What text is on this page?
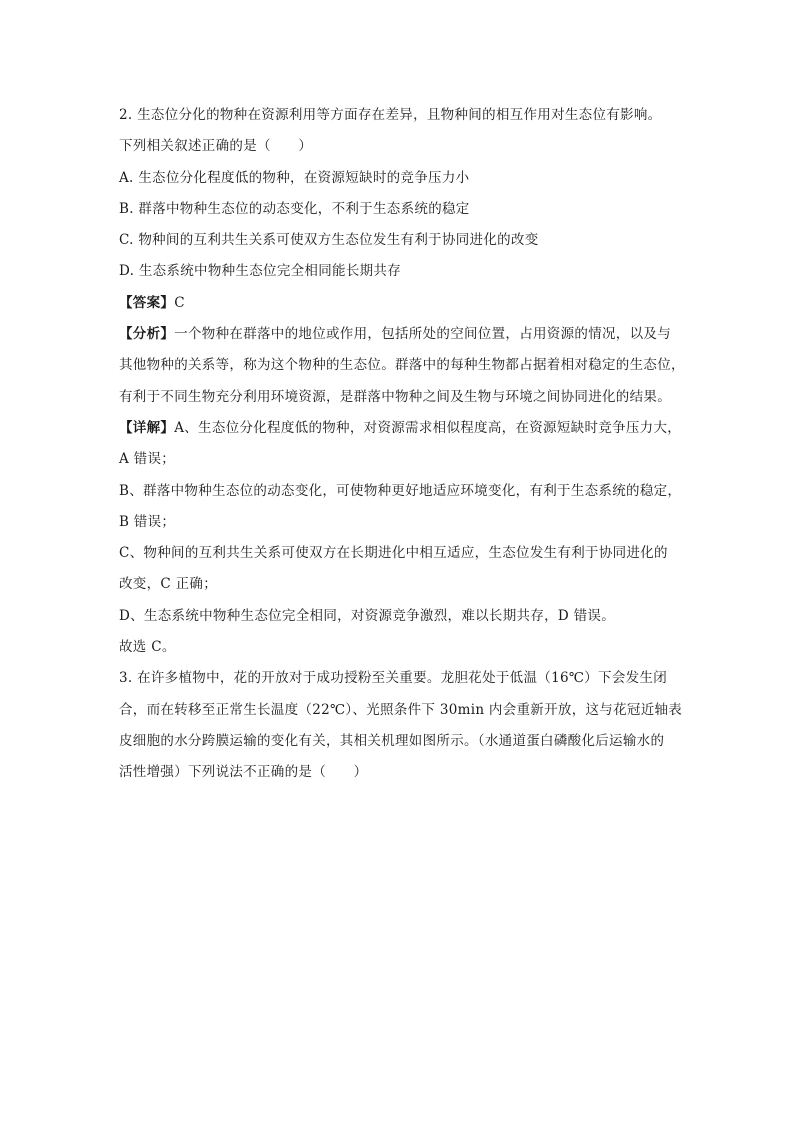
2. 生态位分化的物种在资源利用等方面存在差异，且物种间的相互作用对生态位有影响。
下列相关叙述正确的是（　　）
A. 生态位分化程度低的物种，在资源短缺时的竞争压力小
B. 群落中物种生态位的动态变化，不利于生态系统的稳定
C. 物种间的互利共生关系可使双方生态位发生有利于协同进化的改变
D. 生态系统中物种生态位完全相同能长期共存
【答案】C
【分析】一个物种在群落中的地位或作用，包括所处的空间位置，占用资源的情况，以及与
其他物种的关系等，称为这个物种的生态位。群落中的每种生物都占据着相对稳定的生态位，
有利于不同生物充分利用环境资源，是群落中物种之间及生物与环境之间协同进化的结果。
【详解】A、生态位分化程度低的物种，对资源需求相似程度高，在资源短缺时竞争压力大，
A 错误；
B、群落中物种生态位的动态变化，可使物种更好地适应环境变化，有利于生态系统的稳定，
B 错误；
C、物种间的互利共生关系可使双方在长期进化中相互适应，生态位发生有利于协同进化的
改变，C 正确；
D、生态系统中物种生态位完全相同，对资源竞争激烈，难以长期共存，D 错误。
故选 C。
3. 在许多植物中，花的开放对于成功授粉至关重要。龙胆花处于低温（16℃）下会发生闭
合，而在转移至正常生长温度（22℃）、光照条件下 30min 内会重新开放，这与花冠近轴表
皮细胞的水分跨膜运输的变化有关，其相关机理如图所示。（水通道蛋白磷酸化后运输水的
活性增强）下列说法不正确的是（　　）
